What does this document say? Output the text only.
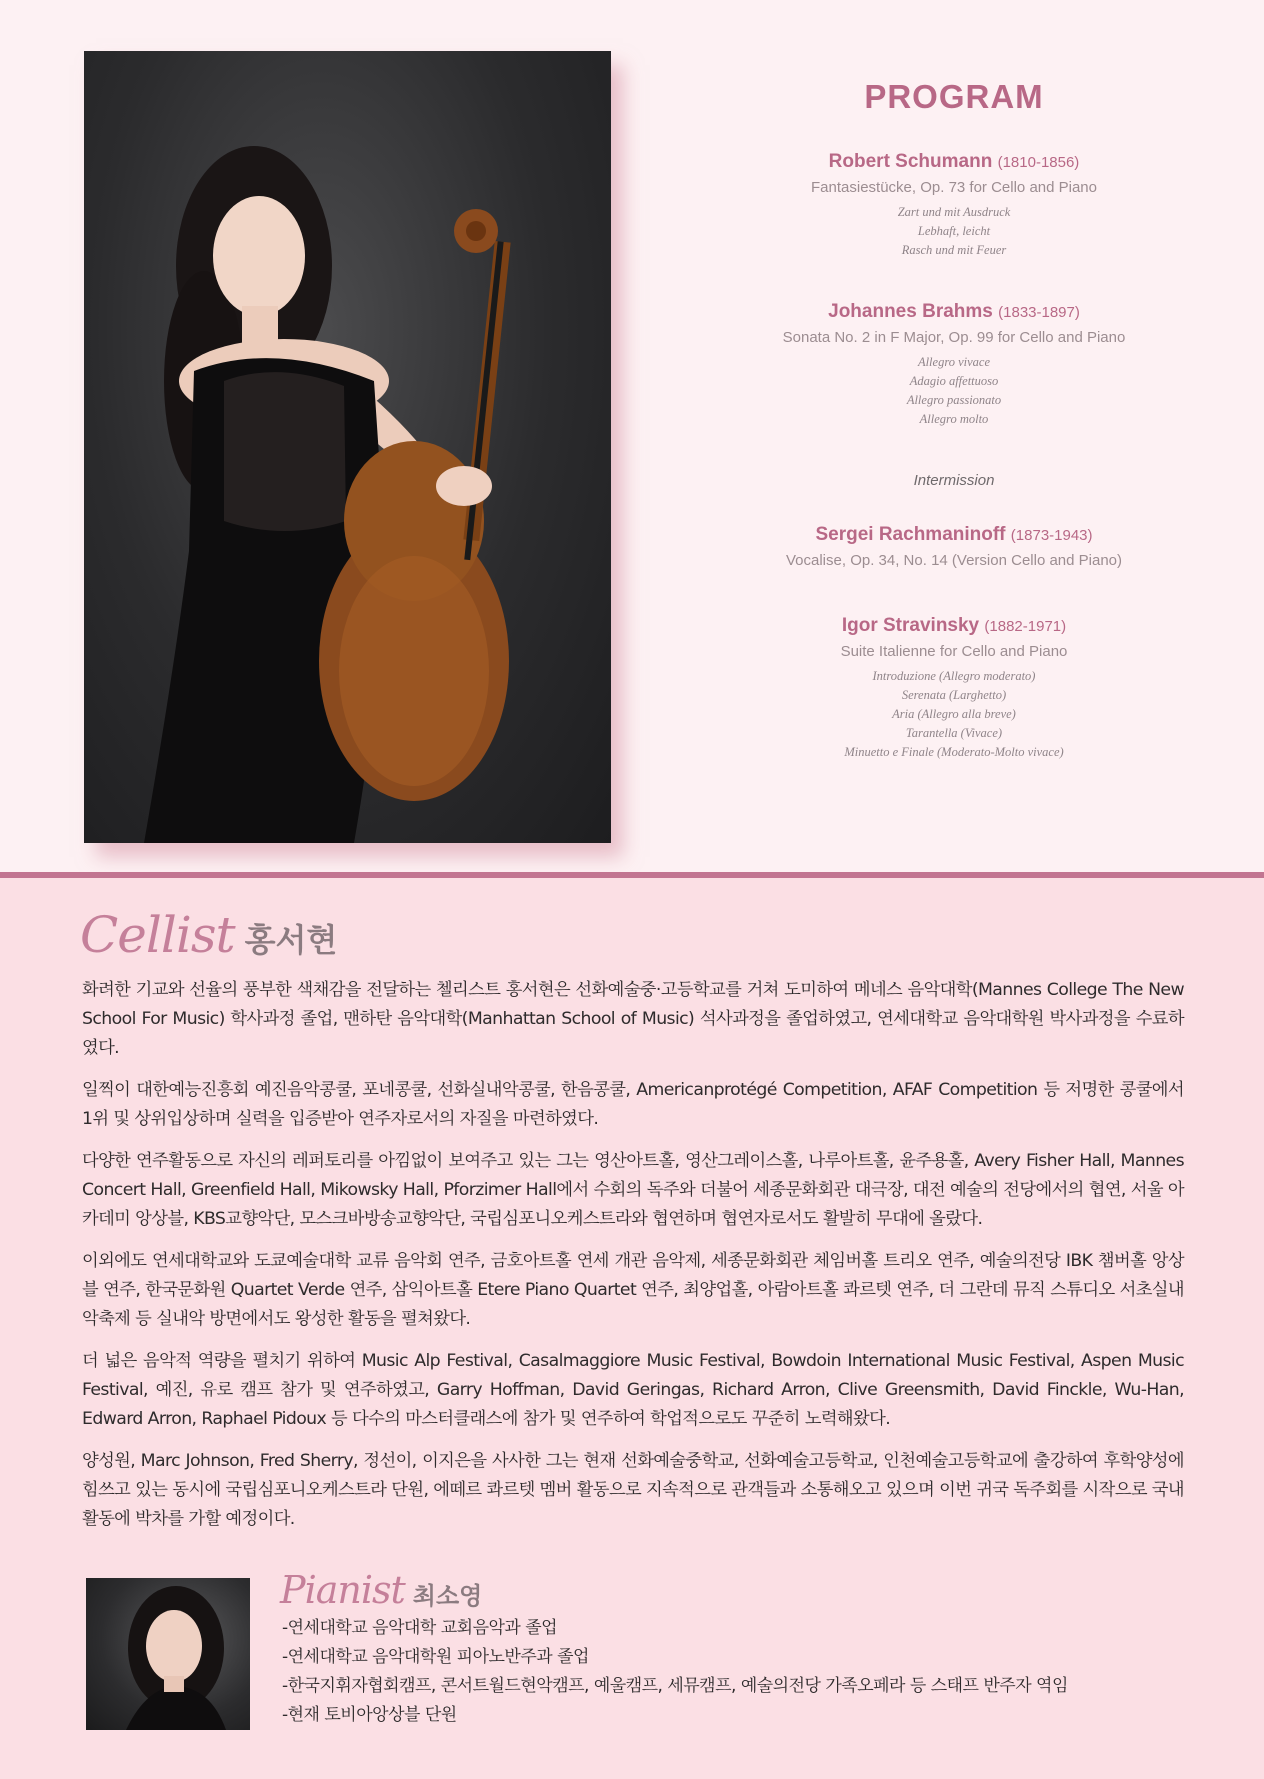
PROGRAM
Robert Schumann (1810-1856)
Fantasiestücke, Op. 73 for Cello and Piano
Zart und mit Ausdruck
Lebhaft, leicht
Rasch und mit Feuer
Johannes Brahms (1833-1897)
Sonata No. 2 in F Major, Op. 99 for Cello and Piano
Allegro vivace
Adagio affettuoso
Allegro passionato
Allegro molto
Intermission
Sergei Rachmaninoff (1873-1943)
Vocalise, Op. 34, No. 14 (Version Cello and Piano)
Igor Stravinsky (1882-1971)
Suite Italienne for Cello and Piano
Introduzione (Allegro moderato)
Serenata (Larghetto)
Aria (Allegro alla breve)
Tarantella (Vivace)
Minuetto e Finale (Moderato-Molto vivace)
Cellist 홍서현

화려한 기교와 선율의 풍부한 색채감을 전달하는 첼리스트 홍서현은 선화예술중·고등학교를 거쳐 도미하여 메네스 음악대학(Mannes College The New School For Music) 학사과정 졸업, 맨하탄 음악대학(Manhattan School of Music) 석사과정을 졸업하였고, 연세대학교 음악대학원 박사과정을 수료하였다.

일찍이 대한예능진흥회 예진음악콩쿨, 포네콩쿨, 선화실내악콩쿨, 한음콩쿨, Americanprotégé Competition, AFAF Competition 등 저명한 콩쿨에서 1위 및 상위입상하며 실력을 입증받아 연주자로서의 자질을 마련하였다.

다양한 연주활동으로 자신의 레퍼토리를 아낌없이 보여주고 있는 그는 영산아트홀, 영산그레이스홀, 나루아트홀, 윤주용홀, Avery Fisher Hall, Mannes Concert Hall, Greenfield Hall, Mikowsky Hall, Pforzimer Hall에서 수회의 독주와 더불어 세종문화회관 대극장, 대전 예술의 전당에서의 협연, 서울 아카데미 앙상블, KBS교향악단, 모스크바방송교향악단, 국립심포니오케스트라와 협연하며 협연자로서도 활발히 무대에 올랐다.

이외에도 연세대학교와 도쿄예술대학 교류 음악회 연주, 금호아트홀 연세 개관 음악제, 세종문화회관 체임버홀 트리오 연주, 예술의전당 IBK 챔버홀 앙상블 연주, 한국문화원 Quartet Verde 연주, 삼익아트홀 Etere Piano Quartet 연주, 최양업홀, 아람아트홀 콰르텟 연주, 더 그란데 뮤직 스튜디오 서초실내악축제 등 실내악 방면에서도 왕성한 활동을 펼쳐왔다.

더 넓은 음악적 역량을 펼치기 위하여 Music Alp Festival, Casalmaggiore Music Festival, Bowdoin International Music Festival, Aspen Music Festival, 예진, 유로 캠프 참가 및 연주하였고, Garry Hoffman, David Geringas, Richard Arron, Clive Greensmith, David Finckle, Wu-Han, Edward Arron, Raphael Pidoux 등 다수의 마스터클래스에 참가 및 연주하여 학업적으로도 꾸준히 노력해왔다.

양성원, Marc Johnson, Fred Sherry, 정선이, 이지은을 사사한 그는 현재 선화예술중학교, 선화예술고등학교, 인천예술고등학교에 출강하여 후학양성에 힘쓰고 있는 동시에 국립심포니오케스트라 단원, 에떼르 콰르텟 멤버 활동으로 지속적으로 관객들과 소통해오고 있으며 이번 귀국 독주회를 시작으로 국내활동에 박차를 가할 예정이다.

Pianist 최소영
-연세대학교 음악대학 교회음악과 졸업
-연세대학교 음악대학원 피아노반주과 졸업
-한국지휘자협회캠프, 콘서트월드현악캠프, 예울캠프, 세뮤캠프, 예술의전당 가족오페라 등 스태프 반주자 역임
-현재 토비아앙상블 단원
